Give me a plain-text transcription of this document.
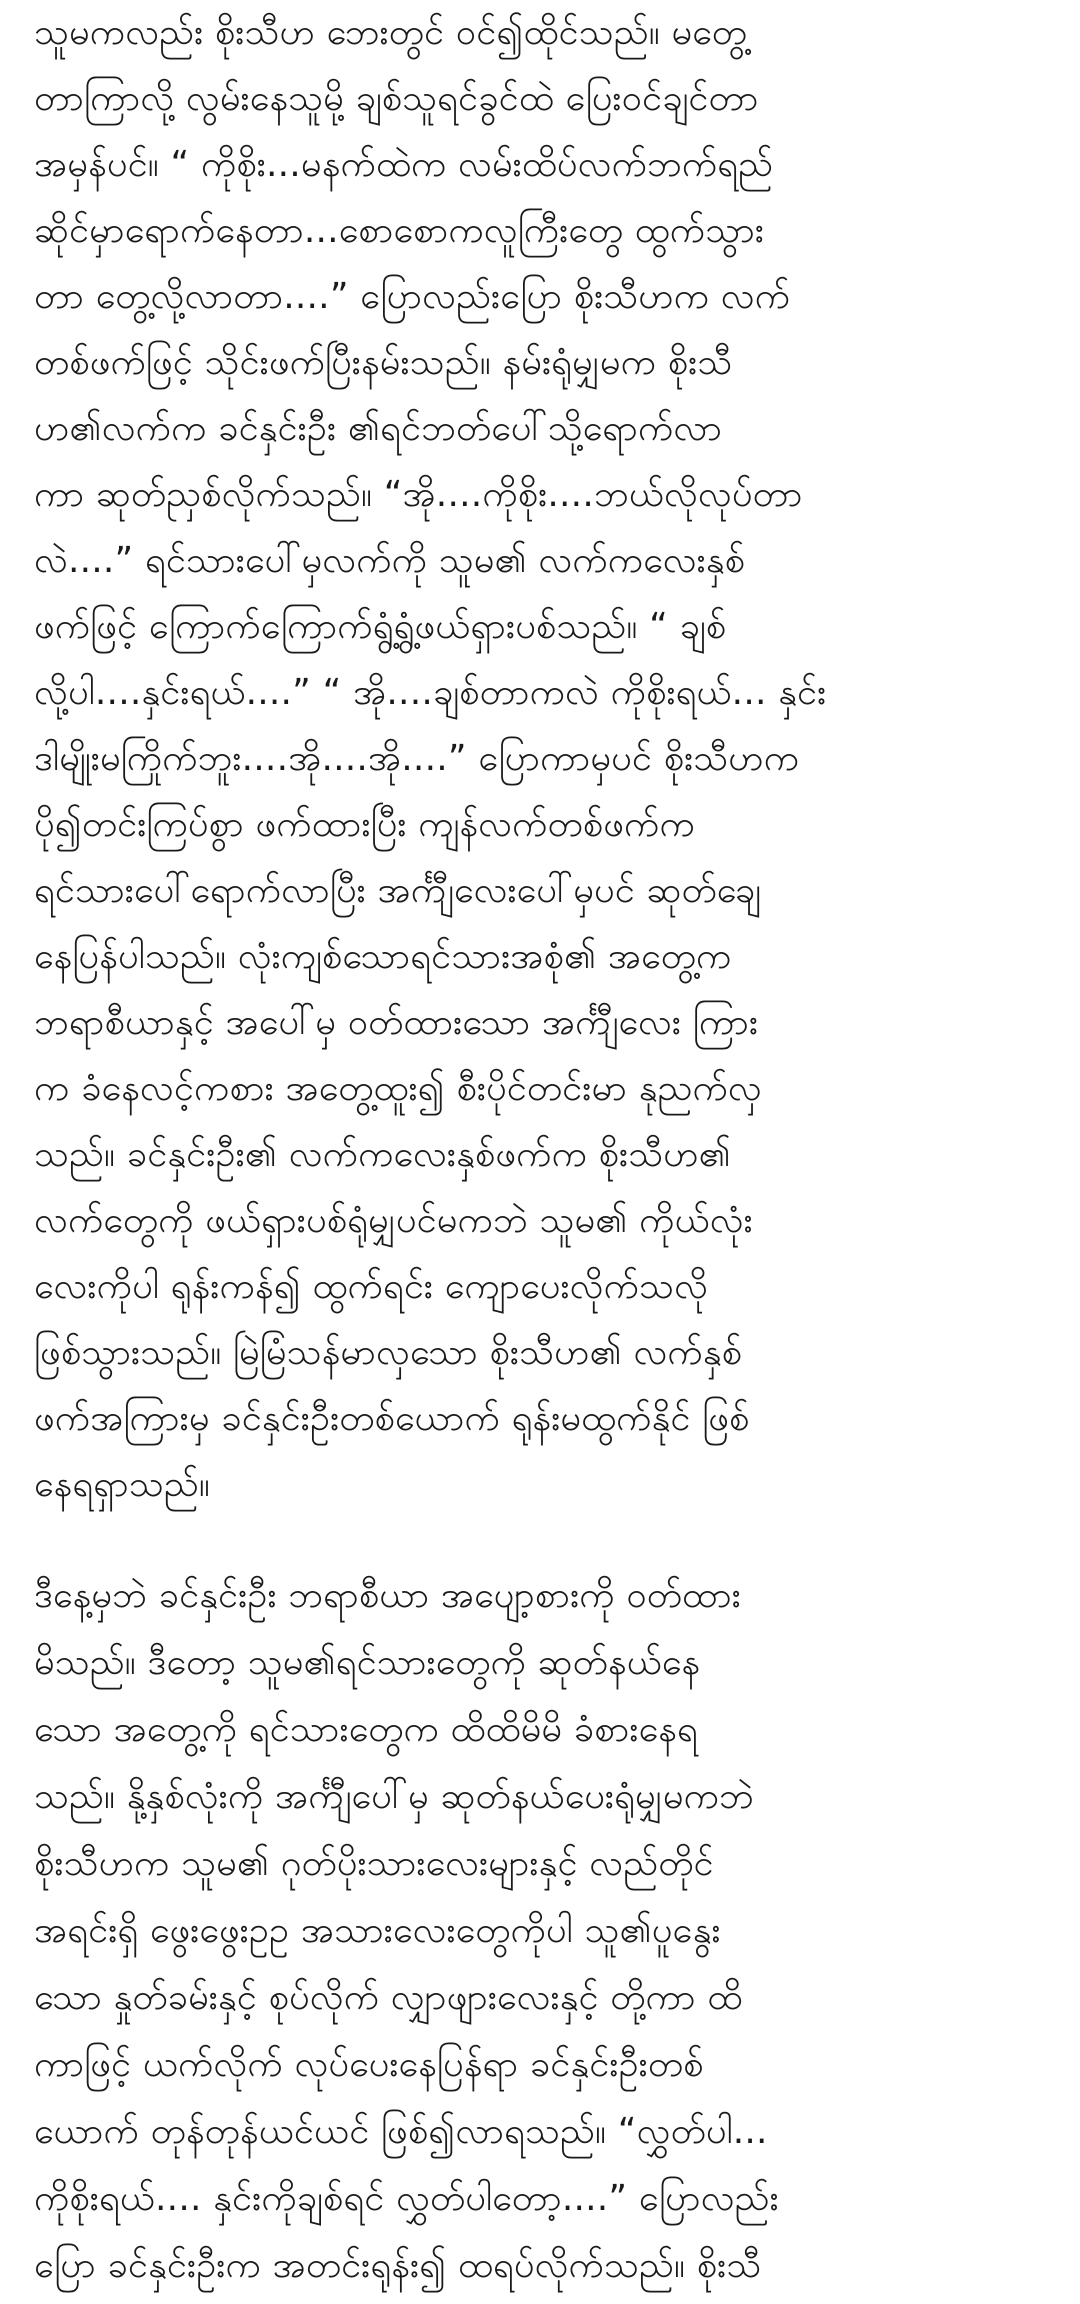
သူမကလည်း စိုးသီဟ ဘေးတွင် ဝင်၍ထိုင်သည်။ မတွေ့
တာကြာလို့ လွမ်းနေသူမို့ ချစ်သူရင်ခွင်ထဲ ပြေးဝင်ချင်တာ
အမှန်ပင်။ “ ကိုစိုး...မနက်ထဲက လမ်းထိပ်လက်ဘက်ရည်
ဆိုင်မှာရောက်နေတာ...စောစောကလူကြီးတွေ ထွက်သွား
တာ တွေ့လို့လာတာ....” ပြောလည်းပြော စိုးသီဟက လက်
တစ်ဖက်ဖြင့် သိုင်းဖက်ပြီးနမ်းသည်။ နမ်းရုံမျှမက စိုးသီ
ဟ၏လက်က ခင်နှင်းဦး ၏ရင်ဘတ်ပေါ်သို့ရောက်လာ
ကာ ဆုတ်ညှစ်လိုက်သည်။ “အို....ကိုစိုး....ဘယ်လိုလုပ်တာ
လဲ....” ရင်သားပေါ်မှလက်ကို သူမ၏ လက်ကလေးနှစ်
ဖက်ဖြင့် ကြောက်ကြောက်ရွံ့ရွံ့ဖယ်ရှားပစ်သည်။ “ ချစ်
လို့ပါ....နှင်းရယ်....” “ အို....ချစ်တာကလဲ ကိုစိုးရယ်... နှင်း
ဒါမျိုးမကြိုက်ဘူး....အို....အို....” ပြောကာမှပင် စိုးသီဟက
ပို၍တင်းကြပ်စွာ ဖက်ထားပြီး ကျန်လက်တစ်ဖက်က
ရင်သားပေါ်ရောက်လာပြီး အင်္ကျီလေးပေါ်မှပင် ဆုတ်ချေ
နေပြန်ပါသည်။ လုံးကျစ်သောရင်သားအစုံ၏ အတွေ့က
ဘရာစီယာနှင့် အပေါ်မှ ဝတ်ထားသော အင်္ကျီလေး ကြား
က ခံနေလင့်ကစား အတွေ့ထူး၍ စီးပိုင်တင်းမာ နုညက်လှ
သည်။ ခင်နှင်းဦး၏ လက်ကလေးနှစ်ဖက်က စိုးသီဟ၏
လက်တွေကို ဖယ်ရှားပစ်ရုံမျှပင်မကဘဲ သူမ၏ ကိုယ်လုံး
လေးကိုပါ ရုန်းကန်၍ ထွက်ရင်း ကျောပေးလိုက်သလို
ဖြစ်သွားသည်။ မြဲမြံသန်မာလှသော စိုးသီဟ၏ လက်နှစ်
ဖက်အကြားမှ ခင်နှင်းဦးတစ်ယောက် ရုန်းမထွက်နိုင် ဖြစ်
နေရရှာသည်။
ဒီနေ့မှဘဲ ခင်နှင်းဦး ဘရာစီယာ အပျော့စားကို ဝတ်ထား
မိသည်။ ဒီတော့ သူမ၏ရင်သားတွေကို ဆုတ်နယ်နေ
သော အတွေ့ကို ရင်သားတွေက ထိထိမိမိ ခံစားနေရ
သည်။ နို့နှစ်လုံးကို အင်္ကျီပေါ်မှ ဆုတ်နယ်ပေးရုံမျှမကဘဲ
စိုးသီဟက သူမ၏ ဂုတ်ပိုးသားလေးများနှင့် လည်တိုင်
အရင်းရှိ ဖွေးဖွေးဥဥ အသားလေးတွေကိုပါ သူ၏ပူနွေး
သော နှုတ်ခမ်းနှင့် စုပ်လိုက် လျှာဖျားလေးနှင့် တို့ကာ ထိ
ကာဖြင့် ယက်လိုက် လုပ်ပေးနေပြန်ရာ ခင်နှင်းဦးတစ်
ယောက် တုန်တုန်ယင်ယင် ဖြစ်၍လာရသည်။ “လွှတ်ပါ...
ကိုစိုးရယ်.... နှင်းကိုချစ်ရင် လွှတ်ပါတော့....” ပြောလည်း
ပြော ခင်နှင်းဦးက အတင်းရုန်း၍ ထရပ်လိုက်သည်။ စိုးသီ
